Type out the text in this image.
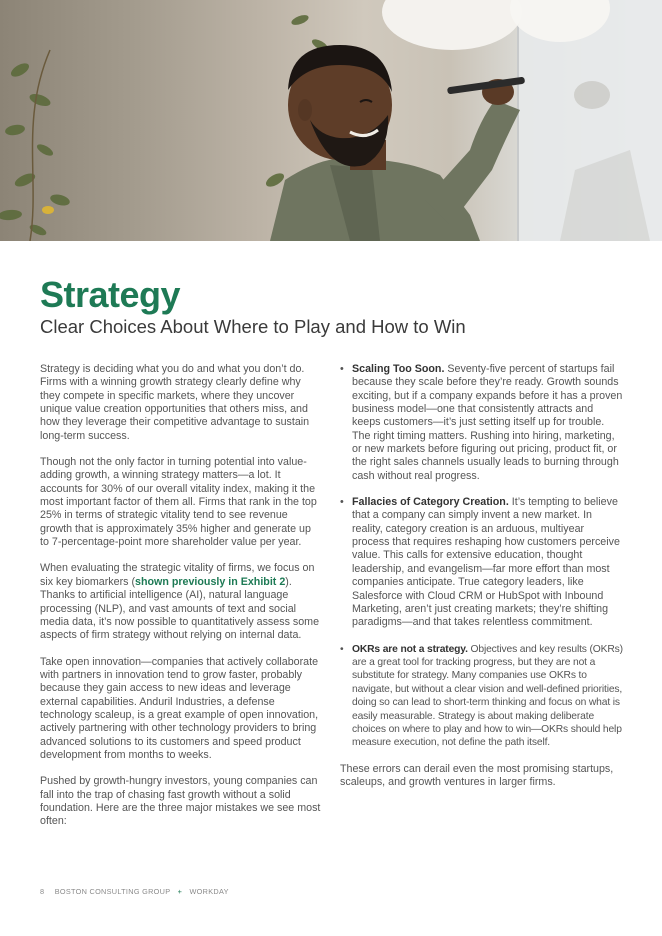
Strategy
Clear Choices About Where to Play and How to Win

Strategy is deciding what you do and what you don’t do. Firms with a winning growth strategy clearly define why they compete in specific markets, where they uncover unique value creation opportunities that others miss, and how they leverage their competitive advantage to sustain long-term success.

Though not the only factor in turning potential into value-adding growth, a winning strategy matters—a lot. It accounts for 30% of our overall vitality index, making it the most important factor of them all. Firms that rank in the top 25% in terms of strategic vitality tend to see revenue growth that is approximately 35% higher and generate up to 7-percentage-point more shareholder value per year.

When evaluating the strategic vitality of firms, we focus on six key biomarkers (shown previously in Exhibit 2). Thanks to artificial intelligence (AI), natural language processing (NLP), and vast amounts of text and social media data, it’s now possible to quantitatively assess some aspects of firm strategy without relying on internal data.

Take open innovation—companies that actively collaborate with partners in innovation tend to grow faster, probably because they gain access to new ideas and leverage external capabilities. Anduril Industries, a defense technology scaleup, is a great example of open innovation, actively partnering with other technology providers to bring advanced solutions to its customers and speed product development from months to weeks.

Pushed by growth-hungry investors, young companies can fall into the trap of chasing fast growth without a solid foundation. Here are the three major mistakes we see most often:

• Scaling Too Soon. Seventy-five percent of startups fail because they scale before they’re ready. Growth sounds exciting, but if a company expands before it has a proven business model—one that consistently attracts and keeps customers—it’s just setting itself up for trouble. The right timing matters. Rushing into hiring, marketing, or new markets before figuring out pricing, product fit, or the right sales channels usually leads to burning through cash without real progress.
• Fallacies of Category Creation. It’s tempting to believe that a company can simply invent a new market. In reality, category creation is an arduous, multiyear process that requires reshaping how customers perceive value. This calls for extensive education, thought leadership, and evangelism—far more effort than most companies anticipate. True category leaders, like Salesforce with Cloud CRM or HubSpot with Inbound Marketing, aren’t just creating markets; they’re shifting paradigms—and that takes relentless commitment.
• OKRs are not a strategy. Objectives and key results (OKRs) are a great tool for tracking progress, but they are not a substitute for strategy. Many companies use OKRs to navigate, but without a clear vision and well-defined priorities, doing so can lead to short-term thinking and focus on what is easily measurable. Strategy is about making deliberate choices on where to play and how to win—OKRs should help measure execution, not define the path itself.

These errors can derail even the most promising startups, scaleups, and growth ventures in larger firms.

8 BOSTON CONSULTING GROUP + WORKDAY
